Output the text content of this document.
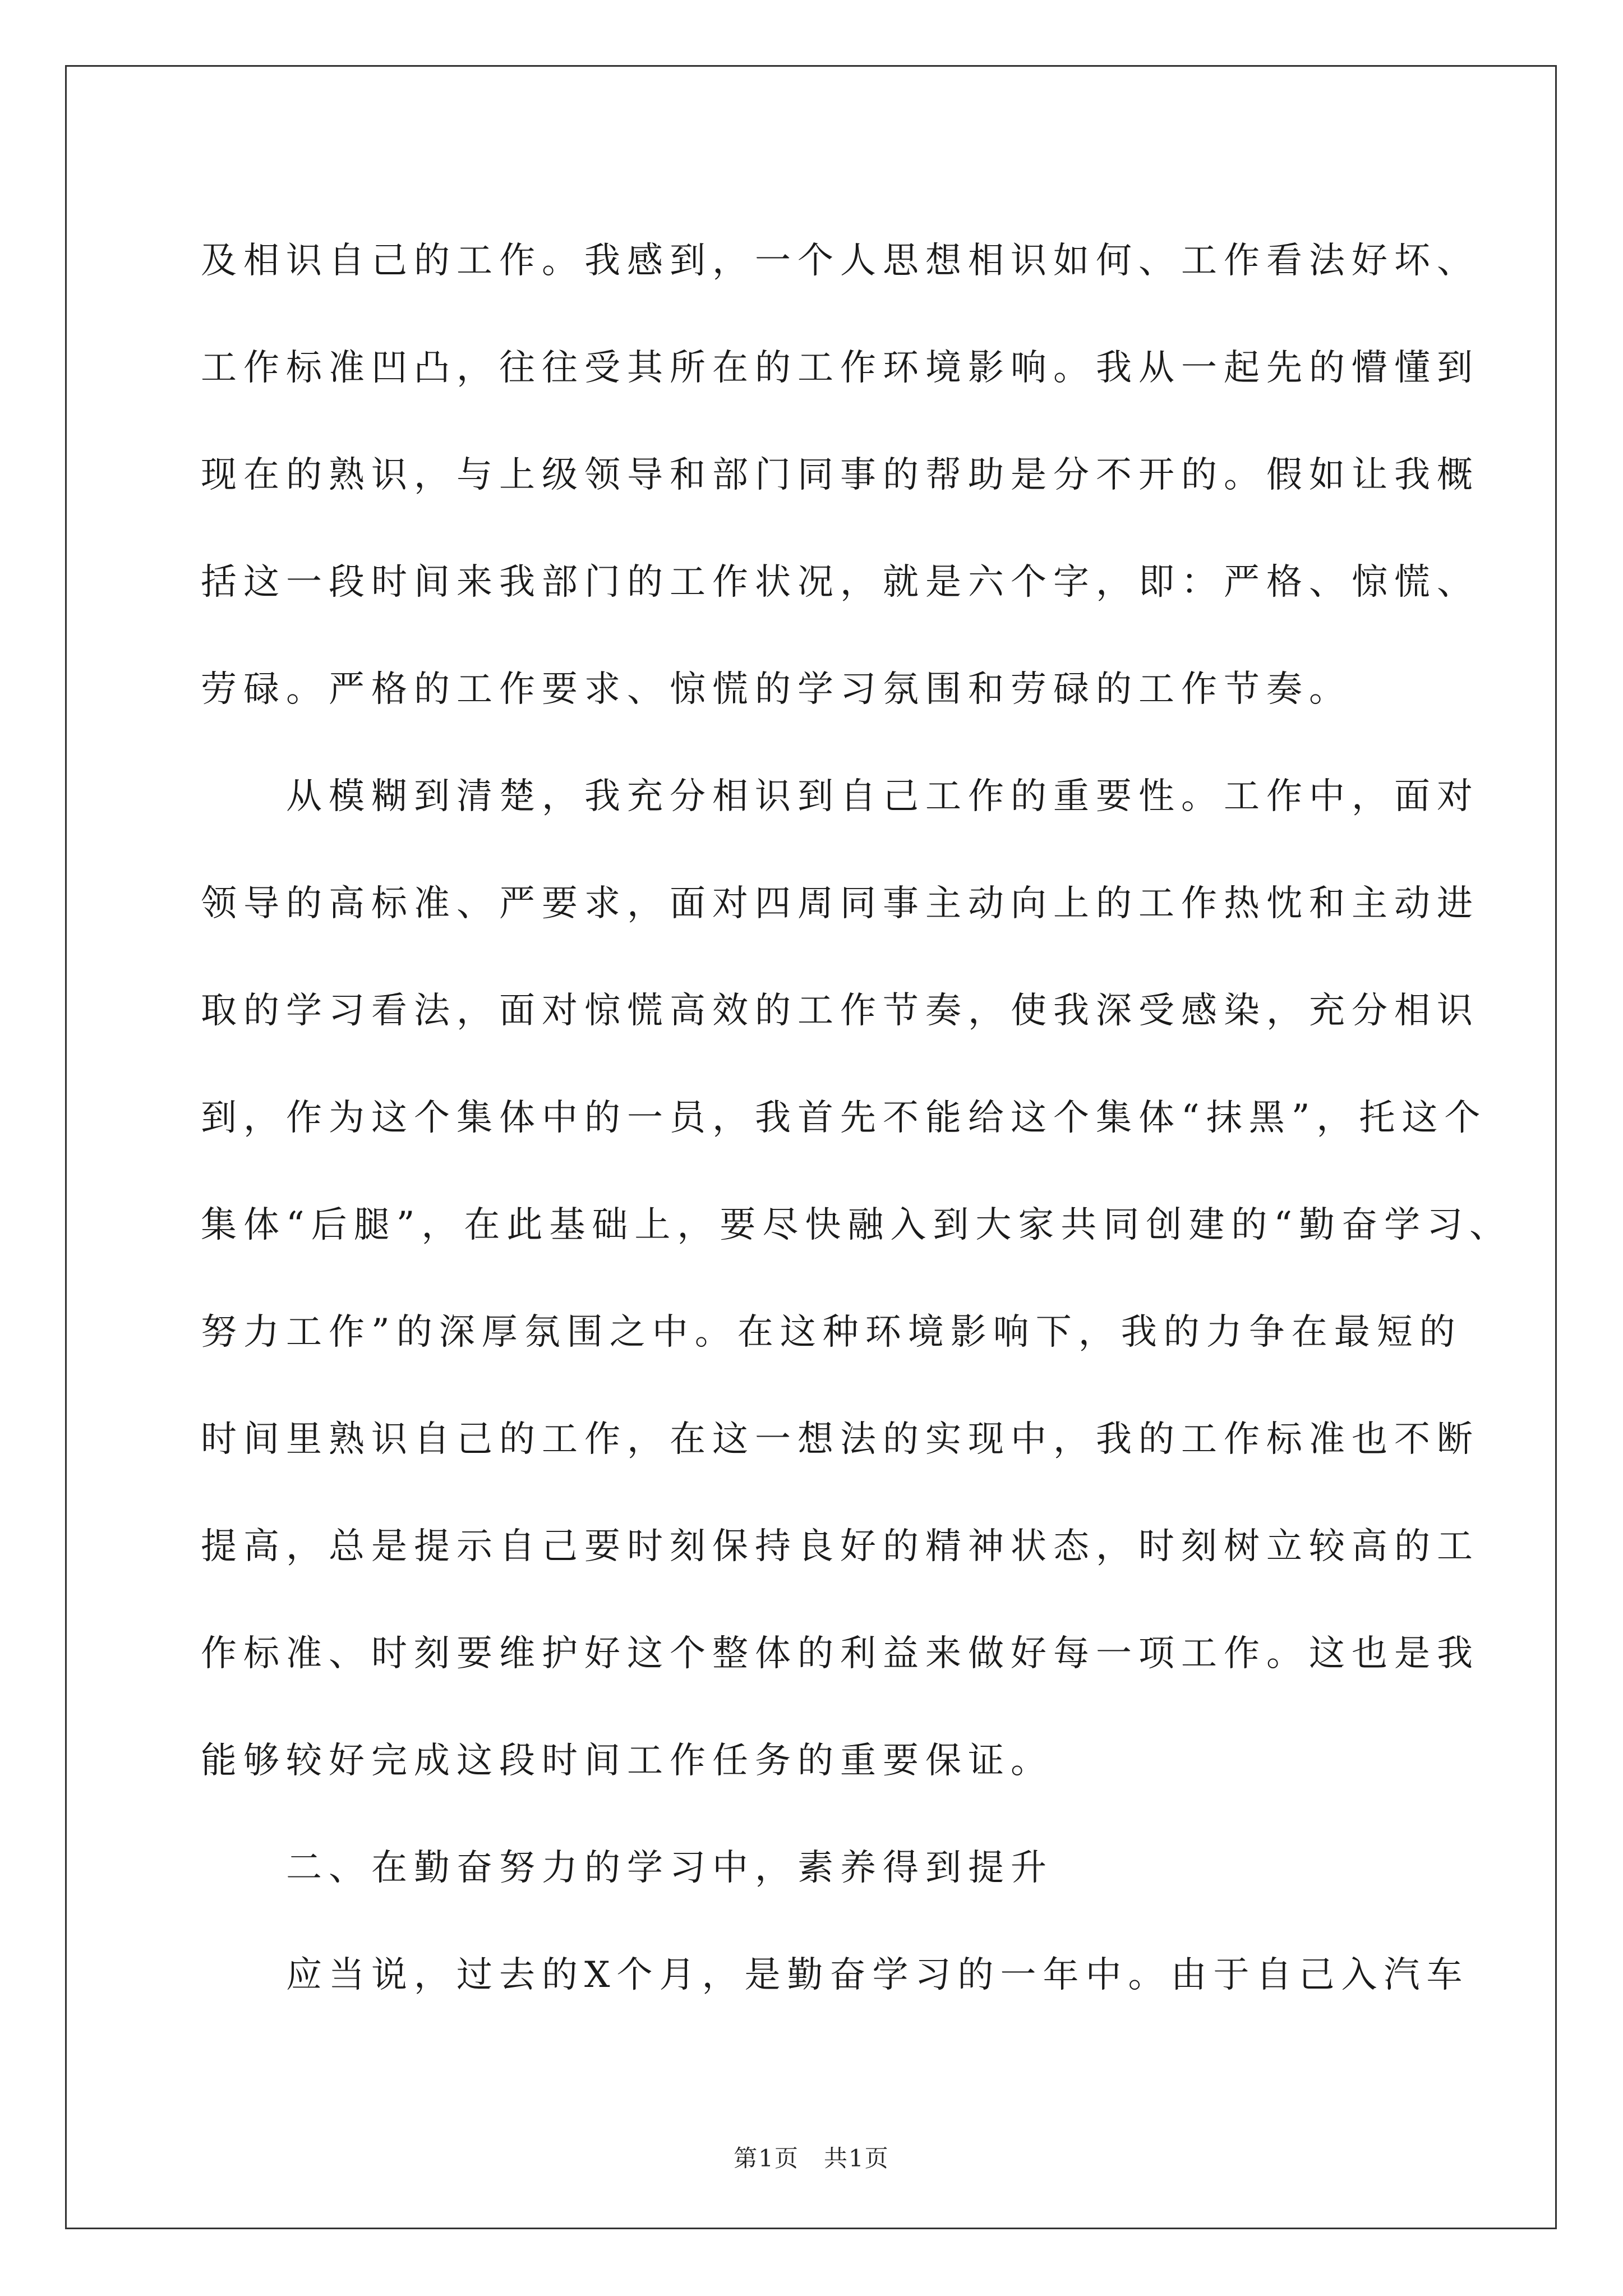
及相识自己的工作。我感到，一个人思想相识如何、工作看法好坏、

工作标准凹凸，往往受其所在的工作环境影响。我从一起先的懵懂到

现在的熟识，与上级领导和部门同事的帮助是分不开的。假如让我概

括这一段时间来我部门的工作状况，就是六个字，即：严格、惊慌、

劳碌。严格的工作要求、惊慌的学习氛围和劳碌的工作节奏。

　　从模糊到清楚，我充分相识到自己工作的重要性。工作中，面对

领导的高标准、严要求，面对四周同事主动向上的工作热忱和主动进

取的学习看法，面对惊慌高效的工作节奏，使我深受感染，充分相识

到，作为这个集体中的一员，我首先不能给这个集体“抹黑”，托这个

集体“后腿”，在此基础上，要尽快融入到大家共同创建的“勤奋学习、

努力工作”的深厚氛围之中。在这种环境影响下，我的力争在最短的

时间里熟识自己的工作，在这一想法的实现中，我的工作标准也不断

提高，总是提示自己要时刻保持良好的精神状态，时刻树立较高的工

作标准、时刻要维护好这个整体的利益来做好每一项工作。这也是我

能够较好完成这段时间工作任务的重要保证。

　　二、在勤奋努力的学习中，素养得到提升

　　应当说，过去的X个月，是勤奋学习的一年中。由于自己入汽车

第1页　共1页
